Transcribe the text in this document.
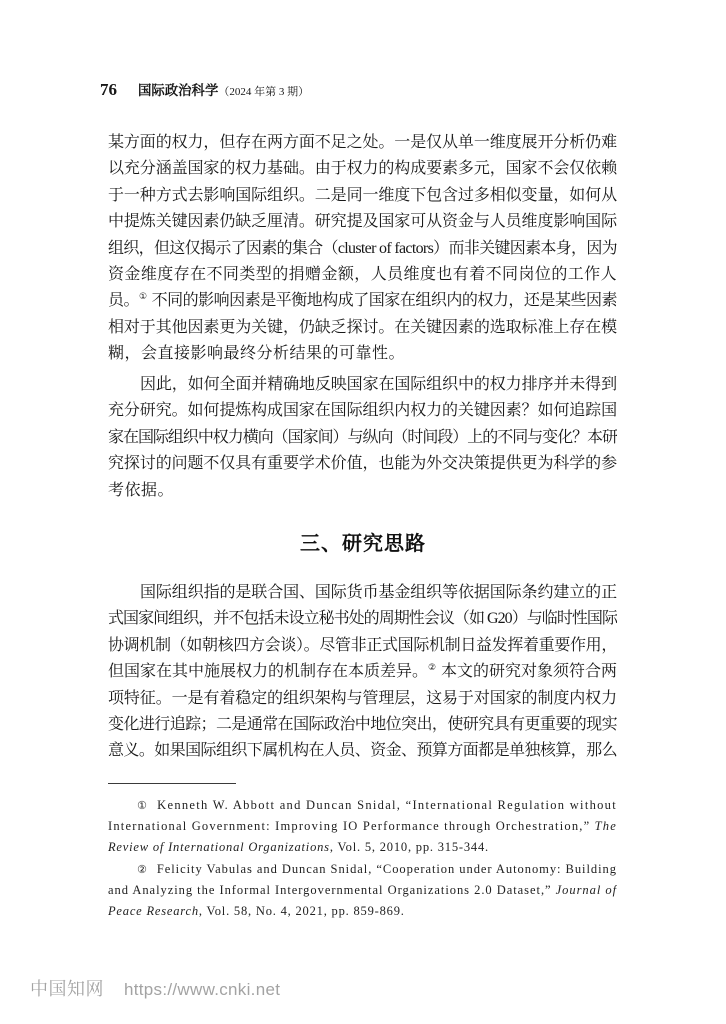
76 国际政治科学（2024 年第 3 期）
某方面的权力，但存在两方面不足之处。一是仅从单一维度展开分析仍难
以充分涵盖国家的权力基础。由于权力的构成要素多元，国家不会仅依赖
于一种方式去影响国际组织。二是同一维度下包含过多相似变量，如何从
中提炼关键因素仍缺乏厘清。研究提及国家可从资金与人员维度影响国际
组织，但这仅揭示了因素的集合（cluster of factors）而非关键因素本身，因为
资金维度存在不同类型的捐赠金额，人员维度也有着不同岗位的工作人
员。① 不同的影响因素是平衡地构成了国家在组织内的权力，还是某些因素
相对于其他因素更为关键，仍缺乏探讨。在关键因素的选取标准上存在模
糊，会直接影响最终分析结果的可靠性。
因此，如何全面并精确地反映国家在国际组织中的权力排序并未得到
充分研究。如何提炼构成国家在国际组织内权力的关键因素？如何追踪国
家在国际组织中权力横向（国家间）与纵向（时间段）上的不同与变化？本研
究探讨的问题不仅具有重要学术价值，也能为外交决策提供更为科学的参
考依据。
三、研究思路
国际组织指的是联合国、国际货币基金组织等依据国际条约建立的正
式国家间组织，并不包括未设立秘书处的周期性会议（如 G20）与临时性国际
协调机制（如朝核四方会谈）。尽管非正式国际机制日益发挥着重要作用，
但国家在其中施展权力的机制存在本质差异。② 本文的研究对象须符合两
项特征。一是有着稳定的组织架构与管理层，这易于对国家的制度内权力
变化进行追踪；二是通常在国际政治中地位突出，使研究具有更重要的现实
意义。如果国际组织下属机构在人员、资金、预算方面都是单独核算，那么
① Kenneth W. Abbott and Duncan Snidal, “International Regulation without
International Government: Improving IO Performance through Orchestration,” The
Review of International Organizations, Vol. 5, 2010, pp. 315-344.
② Felicity Vabulas and Duncan Snidal, “Cooperation under Autonomy: Building
and Analyzing the Informal Intergovernmental Organizations 2.0 Dataset,” Journal of
Peace Research, Vol. 58, No. 4, 2021, pp. 859-869.
中国知网 https://www.cnki.net
